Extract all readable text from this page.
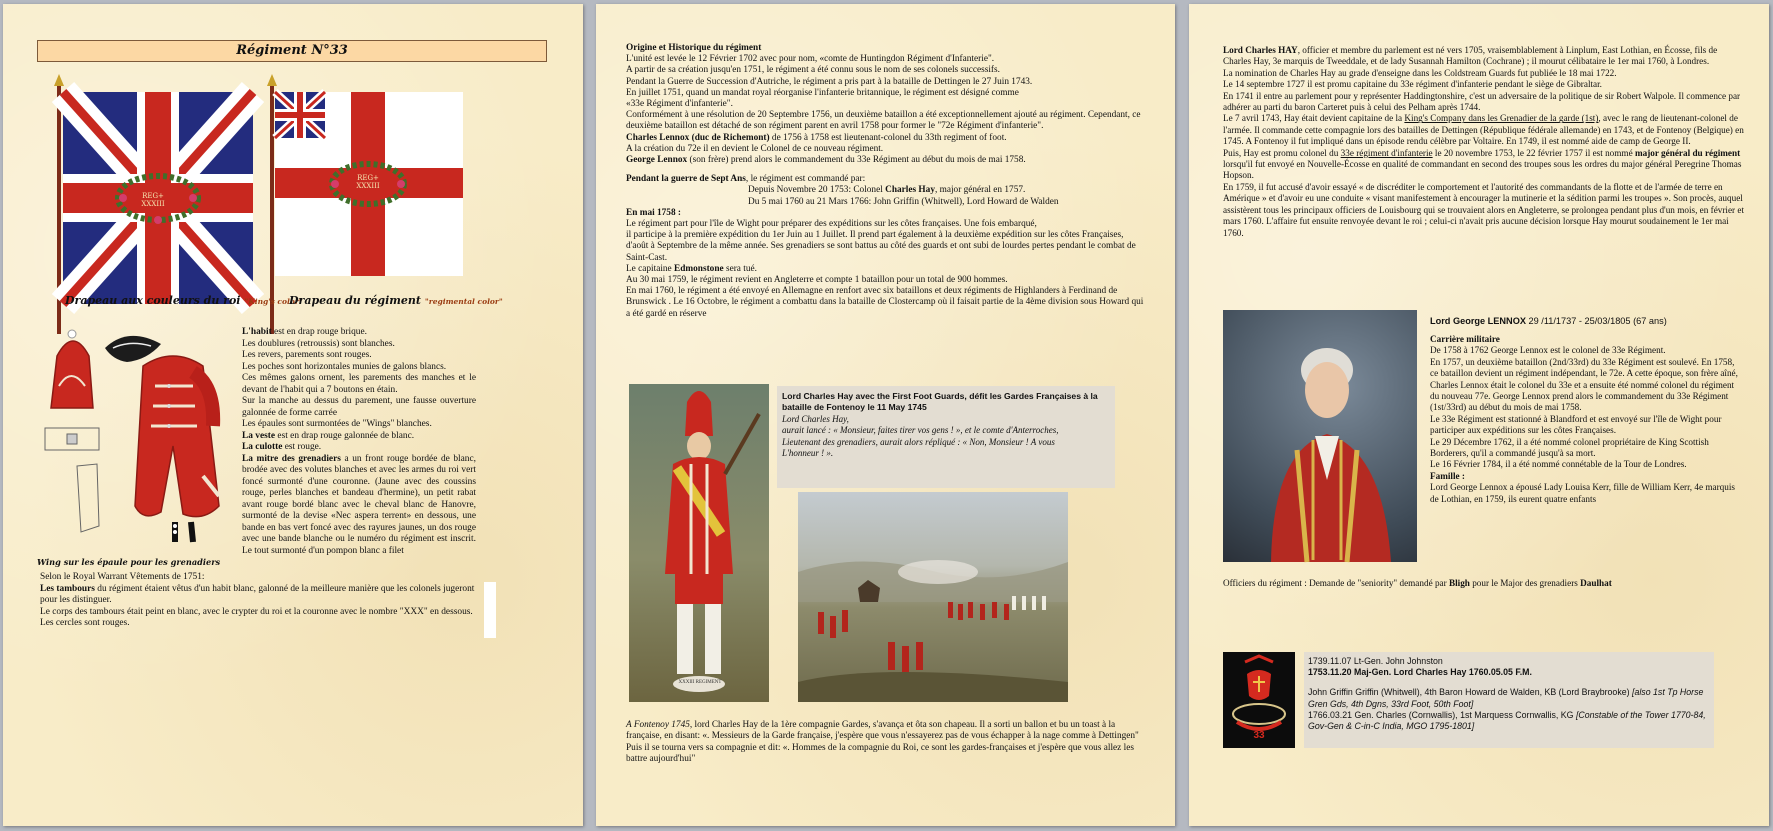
Régiment N°33
REG+ XXXIII
REG+ XXXIII
Drapeau aux couleurs du roi "King's color"
Drapeau du régiment "regimental color"

L'habit est en drap rouge brique.

Les doublures (retroussis) sont blanches.

Les revers, parements sont rouges.

Les poches sont horizontales munies de galons blancs.

Ces mêmes galons ornent, les parements des manches et le devant de l'habit qui a 7 boutons en étain.

Sur la manche au dessus du parement, une fausse ouverture galonnée de forme carrée

Les épaules sont surmontées de "Wings" blanches.

La veste est en drap rouge galonnée de blanc.

La culotte est rouge.

La mitre des grenadiers a un front rouge bordée de blanc, brodée avec des volutes blanches et avec les armes du roi vert foncé surmonté d'une couronne. (Jaune avec des coussins rouge, perles blanches et bandeau d'hermine), un petit rabat avant rouge bordé blanc avec le cheval blanc de Hanovre, surmonté de la devise «Nec aspera terrent» en dessous, une bande en bas vert foncé avec des rayures jaunes, un dos rouge avec une bande blanche ou le numéro du régiment est inscrit. Le tout surmonté d'un pompon blanc a filet

Wing sur les épaule pour les grenadiers

Selon le Royal Warrant Vêtements de 1751:

Les tambours du régiment étaient vêtus d'un habit blanc, galonné de la meilleure manière que les colonels jugeront pour les distinguer.

Le corps des tambours était peint en blanc, avec le crypter du roi et la couronne avec le nombre "XXX" en dessous. Les cercles sont rouges.

Origine et Historique du régiment

L'unité est levée le 12 Février 1702 avec pour nom, «comte de Huntingdon Régiment d'Infanterie".

A partir de sa création jusqu'en 1751, le régiment a été connu sous le nom de ses colonels successifs.

Pendant la Guerre de Succession d'Autriche, le régiment a pris part à la bataille de Dettingen le 27 Juin 1743.

En juillet 1751, quand un mandat royal réorganise l'infanterie britannique, le régiment est désigné comme

«33e Régiment d'infanterie".

Conformément à une résolution de 20 Septembre 1756, un deuxième bataillon a été exceptionnellement ajouté au régiment. Cependant, ce deuxième bataillon est détaché de son régiment parent en avril 1758 pour former le "72e Régiment d'infanterie".

Charles Lennox (duc de Richemont) de 1756 à 1758 est lieutenant-colonel du 33th regiment of foot.

A la création du 72e il en devient le Colonel de ce nouveau régiment.

George Lennox (son frère) prend alors le commandement du 33e Régiment au début du mois de mai 1758.

Pendant la guerre de Sept Ans, le régiment est commandé par:

Depuis Novembre 20 1753: Colonel Charles Hay, major général en 1757.

Du 5 mai 1760 au 21 Mars 1766: John Griffin (Whitwell), Lord Howard de Walden

En mai 1758 :

Le régiment part pour l'île de Wight pour préparer des expéditions sur les côtes françaises. Une fois embarqué,

il participe à la première expédition du 1er Juin au 1 Juillet. Il prend part également à la deuxième expédition sur les côtes Françaises, d'août à Septembre de la même année. Ses grenadiers se sont battus au côté des guards et ont subi de lourdes pertes pendant le combat de Saint-Cast.

Le capitaine Edmonstone sera tué.

Au 30 mai 1759, le régiment revient en Angleterre et compte 1 bataillon pour un total de 900 hommes.

En mai 1760, le régiment a été envoyé en Allemagne en renfort avec six bataillons et deux régiments de Highlanders à Ferdinand de Brunswick . Le 16 Octobre, le régiment a combattu dans la bataille de Clostercamp où il faisait partie de la 4ème division sous Howard qui a été gardé en réserve

XXXIII REGIMENT
Lord Charles Hay avec the First Foot Guards, défit les Gardes Françaises à la bataille de Fontenoy le 11 May 1745

Lord Charles Hay,

aurait lancé : « Monsieur, faites tirer vos gens ! », et le comte d'Anterroches,

Lieutenant des grenadiers, aurait alors répliqué : « Non, Monsieur ! A vous

L'honneur ! ».

A Fontenoy 1745, lord Charles Hay de la 1ère compagnie Gardes, s'avança et ôta son chapeau. Il a sorti un ballon et bu un toast à la française, en disant: «. Messieurs de la Garde française, j'espère que vous n'essayerez pas de vous échapper à la nage comme à Dettingen" Puis il se tourna vers sa compagnie et dit: «. Hommes de la compagnie du Roi, ce sont les gardes-françaises et j'espère que vous allez les battre aujourd'hui"

Lord Charles HAY, officier et membre du parlement est né vers 1705, vraisemblablement à Linplum, East Lothian, en Écosse, fils de Charles Hay, 3e marquis de Tweeddale, et de lady Susannah Hamilton (Cochrane) ; il mourut célibataire le 1er mai 1760, à Londres.

La nomination de Charles Hay au grade d'enseigne dans les Coldstream Guards fut publiée le 18 mai 1722.

Le 14 septembre 1727 il est promu capitaine du 33e régiment d'infanterie pendant le siège de Gibraltar.

En 1741 il entre au parlement pour y représenter Haddingtonshire, c'est un adversaire de la politique de sir Robert Walpole. Il commence par adhérer au parti du baron Carteret puis à celui des Pelham après 1744.

Le 7 avril 1743, Hay était devient capitaine de la King's Company dans les Grenadier de la garde (1st), avec le rang de lieutenant-colonel de l'armée. Il commande cette compagnie lors des batailles de Dettingen (République fédérale allemande) en 1743, et de Fontenoy (Belgique) en 1745. A Fontenoy il fut impliqué dans un épisode rendu célèbre par Voltaire. En 1749, il est nommé aide de camp de George II.

Puis, Hay est promu colonel du 33e régiment d'infanterie le 20 novembre 1753, le 22 février 1757 il est nommé major général du régiment lorsqu'il fut envoyé en Nouvelle-Écosse en qualité de commandant en second des troupes sous les ordres du major général Peregrine Thomas Hopson.

En 1759, il fut accusé d'avoir essayé « de discréditer le comportement et l'autorité des commandants de la flotte et de l'armée de terre en Amérique » et d'avoir eu une conduite « visant manifestement à encourager la mutinerie et la sédition parmi les troupes ». Son procès, auquel assistèrent tous les principaux officiers de Louisbourg qui se trouvaient alors en Angleterre, se prolongea pendant plus d'un mois, en février et mars 1760. L'affaire fut ensuite renvoyée devant le roi ; celui-ci n'avait pris aucune décision lorsque Hay mourut soudainement le 1er mai 1760.

Lord George LENNOX 29 /11/1737 - 25/03/1805 (67 ans)

Carrière militaire

De 1758 à 1762 George Lennox est le colonel de 33e Régiment.

En 1757, un deuxième bataillon (2nd/33rd) du 33e Régiment est soulevé. En 1758, ce bataillon devient un régiment indépendant, le 72e. A cette époque, son frère aîné, Charles Lennox était le colonel du 33e et a ensuite été nommé colonel du régiment du nouveau 77e. George Lennox prend alors le commandement du 33e Régiment (1st/33rd) au début du mois de mai 1758.

Le 33e Régiment est stationné à Blandford et est envoyé sur l'île de Wight pour participer aux expéditions sur les côtes Françaises.

Le 29 Décembre 1762, il a été nommé colonel propriétaire de King Scottish Borderers, qu'il a commandé jusqu'à sa mort.

Le 16 Février 1784, il a été nommé connétable de la Tour de Londres.

Famille :

Lord George Lennox a épousé Lady Louisa Kerr, fille de William Kerr, 4e marquis de Lothian, en 1759, ils eurent quatre enfants

Officiers du régiment : Demande de "seniority" demandé par Bligh pour le Major des grenadiers Daulhat
33

1739.11.07 Lt-Gen. John Johnston

1753.11.20 Maj-Gen. Lord Charles Hay 1760.05.05 F.M.

John Griffin Griffin (Whitwell), 4th Baron Howard de Walden, KB (Lord Braybrooke) [also 1st Tp Horse Gren Gds, 4th Dgns, 33rd Foot, 50th Foot]

1766.03.21 Gen. Charles (Cornwallis), 1st Marquess Cornwallis, KG [Constable of the Tower 1770-84, Gov-Gen & C-in-C India, MGO 1795-1801]
